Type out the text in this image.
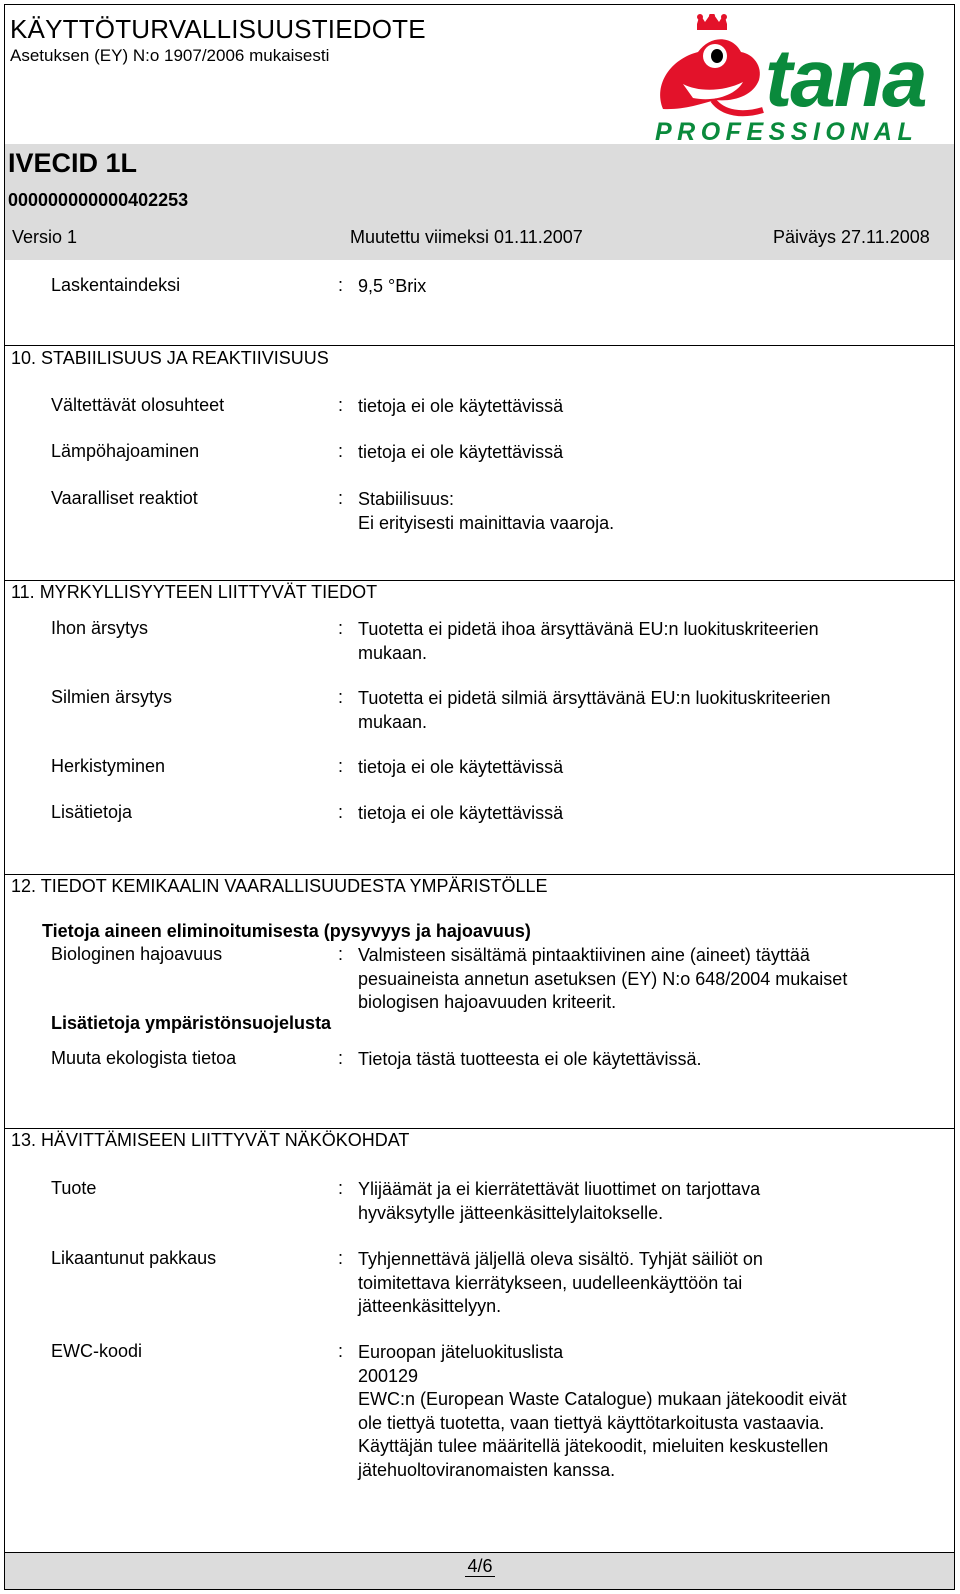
KÄYTTÖTURVALLISUUSTIEDOTE
Asetuksen (EY) N:o 1907/2006 mukaisesti	tana
PROFESSIONAL
IVECID 1L
000000000000402253
Versio 1	Muutettu viimeksi 01.11.2007	Päiväys 27.11.2008
Laskentaindeksi	: 9,5 °Brix
10. STABIILISUUS JA REAKTIIVISUUS
Vältettävät olosuhteet	: tietoja ei ole käytettävissä
Lämpöhajoaminen	: tietoja ei ole käytettävissä
Vaaralliset reaktiot	: Stabiilisuus:
Ei erityisesti mainittavia vaaroja.
11. MYRKYLLISYYTEEN LIITTYVÄT TIEDOT
Ihon ärsytys	: Tuotetta ei pidetä ihoa ärsyttävänä EU:n luokituskriteerien
mukaan.
Silmien ärsytys	: Tuotetta ei pidetä silmiä ärsyttävänä EU:n luokituskriteerien
mukaan.
Herkistyminen	: tietoja ei ole käytettävissä
Lisätietoja	: tietoja ei ole käytettävissä
12. TIEDOT KEMIKAALIN VAARALLISUUDESTA YMPÄRISTÖLLE
Tietoja aineen eliminoitumisesta (pysyvyys ja hajoavuus)
Biologinen hajoavuus	: Valmisteen sisältämä pintaaktiivinen aine (aineet) täyttää
pesuaineista annetun asetuksen (EY) N:o 648/2004 mukaiset
biologisen hajoavuuden kriteerit.
Lisätietoja ympäristönsuojelusta
Muuta ekologista tietoa	: Tietoja tästä tuotteesta ei ole käytettävissä.
13. HÄVITTÄMISEEN LIITTYVÄT NÄKÖKOHDAT
Tuote	: Ylijäämät ja ei kierrätettävät liuottimet on tarjottava
hyväksytylle jätteenkäsittelylaitokselle.
Likaantunut pakkaus	: Tyhjennettävä jäljellä oleva sisältö. Tyhjät säiliöt on
toimitettava kierrätykseen, uudelleenkäyttöön tai
jätteenkäsittelyyn.
EWC-koodi	: Euroopan jäteluokituslista
200129
EWC:n (European Waste Catalogue) mukaan jätekoodit eivät
ole tiettyä tuotetta, vaan tiettyä käyttötarkoitusta vastaavia.
Käyttäjän tulee määritellä jätekoodit, mieluiten keskustellen
jätehuoltoviranomaisten kanssa.
4/6
